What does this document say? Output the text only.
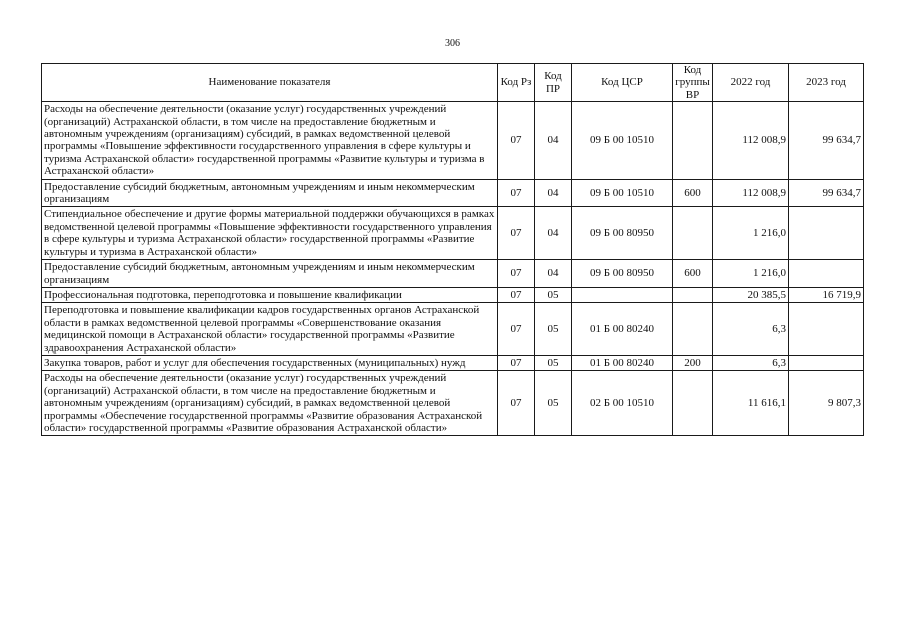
306
Наименование показателя	Код Рз	Код ПР	Код ЦСР	Код группы ВР	2022 год	2023 год
Расходы на обеспечение деятельности (оказание услуг) государственных учреждений (организаций) Астраханской области, в том числе на предоставление бюджетным и автономным учреждениям (организациям) субсидий, в рамках ведомственной целевой программы «Повышение эффективности государственного управления в сфере культуры и туризма Астраханской области» государственной программы «Развитие культуры и туризма в Астраханской области»	07	04	09 Б 00 10510		112 008,9	99 634,7
Предоставление субсидий бюджетным, автономным учреждениям и иным некоммерческим организациям	07	04	09 Б 00 10510	600	112 008,9	99 634,7
Стипендиальное обеспечение и другие формы материальной поддержки обучающихся в рамках ведомственной целевой программы «Повышение эффективности государственного управления в сфере культуры и туризма Астраханской области» государственной программы «Развитие культуры и туризма в Астраханской области»	07	04	09 Б 00 80950		1 216,0	
Предоставление субсидий бюджетным, автономным учреждениям и иным некоммерческим организациям	07	04	09 Б 00 80950	600	1 216,0	
Профессиональная подготовка, переподготовка и повышение квалификации	07	05			20 385,5	16 719,9
Переподготовка и повышение квалификации кадров государственных органов Астраханской области в рамках ведомственной целевой программы «Совершенствование оказания медицинской помощи в Астраханской области» государственной программы «Развитие здравоохранения Астраханской области»	07	05	01 Б 00 80240		6,3	
Закупка товаров, работ и услуг для обеспечения государственных (муниципальных) нужд	07	05	01 Б 00 80240	200	6,3	
Расходы на обеспечение деятельности (оказание услуг) государственных учреждений (организаций) Астраханской области, в том числе на предоставление бюджетным и автономным учреждениям (организациям) субсидий, в рамках ведомственной целевой программы «Обеспечение государственной программы «Развитие образования Астраханской области» государственной программы «Развитие образования Астраханской области»	07	05	02 Б 00 10510		11 616,1	9 807,3
